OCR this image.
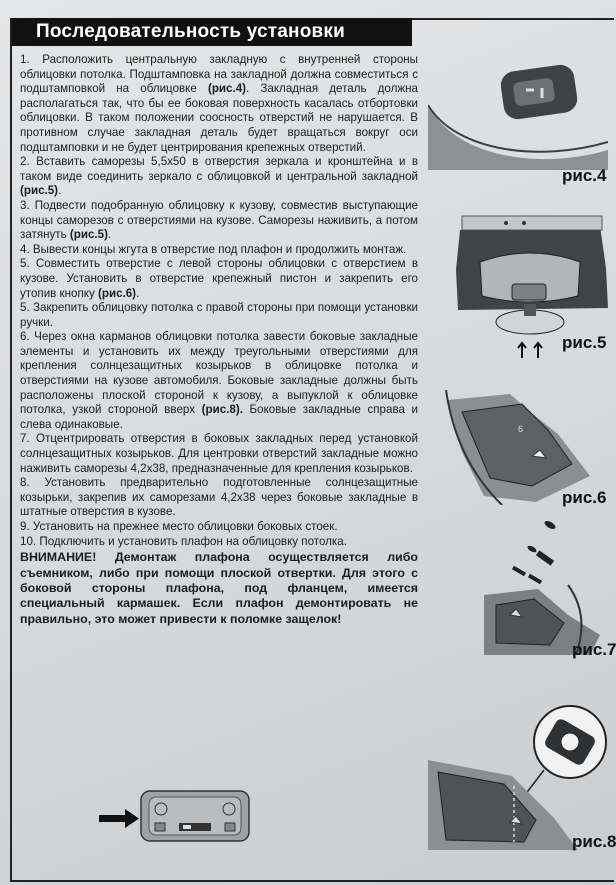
Последовательность установки

1. Расположить центральную закладную с внутренней стороны облицовки потолка. Подштамповка на закладной должна совместиться с подштамповкой на облицовке (рис.4). Закладная деталь должна располагаться так, что бы ее боковая поверхность касалась отбортовки облицовки. В таком положении соосность отверстий не нарушается. В противном случае закладная деталь будет вращаться вокруг оси подштамповки и не будет центрирования крепежных отверстий.

2. Вставить саморезы 5,5х50 в отверстия зеркала и кронштейна и в таком виде соединить зеркало с облицовкой и центральной закладной (рис.5).

3. Подвести подобранную облицовку к кузову, совместив выступающие концы саморезов с отверстиями на кузове. Саморезы наживить, а потом затянуть (рис.5).

4. Вывести концы жгута в отверстие под плафон и продолжить монтаж.

5. Совместить отверстие с левой стороны облицовки с отверстием в кузове. Установить в отверстие крепежный пистон и закрепить его утопив кнопку (рис.6).

5. Закрепить облицовку потолка с правой стороны при помощи установки ручки.

6. Через окна карманов облицовки потолка завести боковые закладные элементы и установить их между треугольными отверстиями для крепления солнцезащитных козырьков в облицовке потолка и отверстиями на кузове автомобиля. Боковые закладные должны быть расположены плоской стороной к кузову, а выпуклой к облицовке потолка, узкой стороной вверх (рис.8). Боковые закладные справа и слева одинаковые.

7. Отцентрировать отверстия в боковых закладных перед установкой солнцезащитных козырьков. Для центровки отверстий закладные можно наживить саморезы 4,2х38, предназначенные для крепления козырьков.

8. Установить предварительно подготовленные солнцезащитные козырьки, закрепив их саморезами 4,2х38 через боковые закладные в штатные отверстия в кузове.

9. Установить на прежнее место облицовки боковых стоек.

10. Подключить и установить плафон на облицовку потолка.

ВНИМАНИЕ! Демонтаж плафона осуществляется либо съемником, либо при помощи плоской отвертки. Для этого с боковой стороны плафона, под фланцем, имеется специальный кармашек. Если плафон демонтировать не правильно, это может привести к поломке защелок!

рис.4
рис.5
6
рис.6
рис.7
рис.8
